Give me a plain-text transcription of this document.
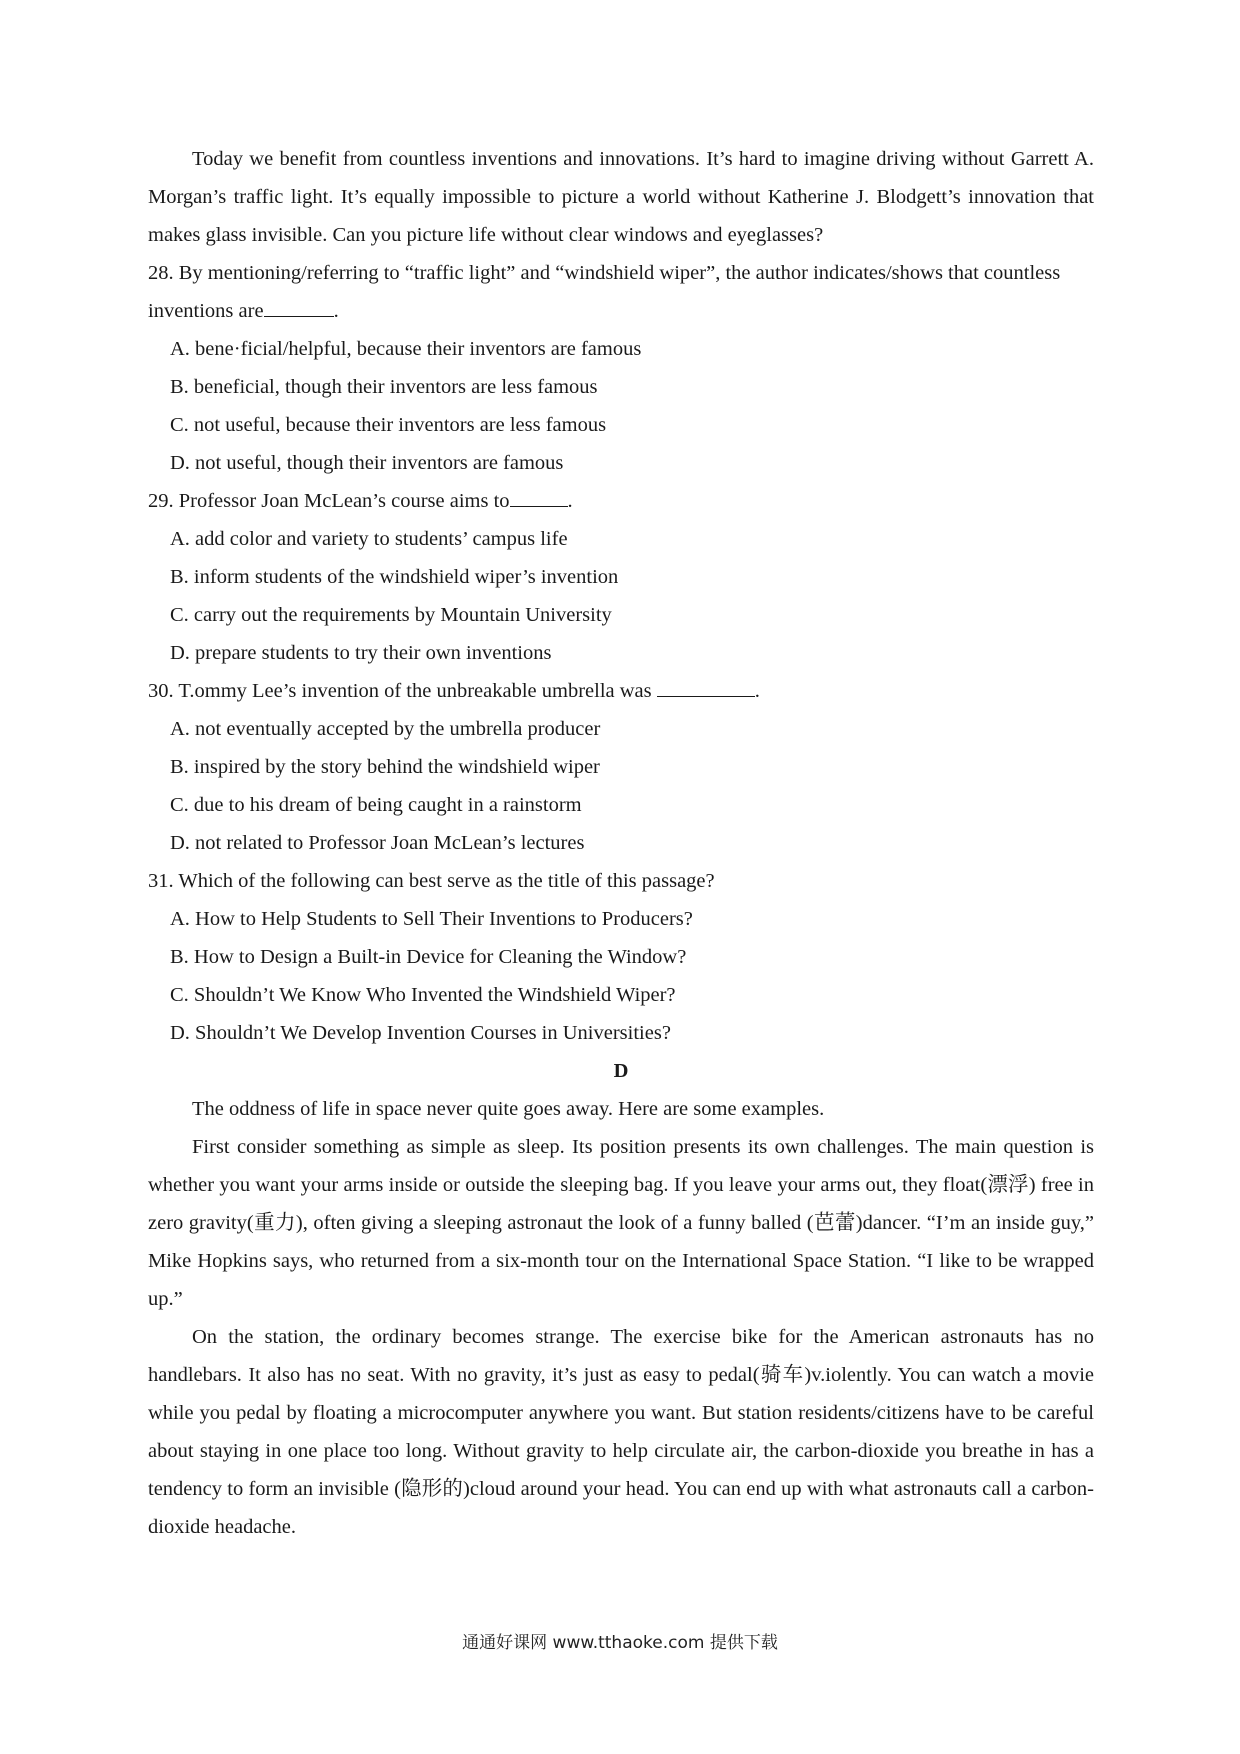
Today we benefit from countless inventions and innovations. It’s hard to imagine driving without Garrett A. Morgan’s traffic light. It’s equally impossible to picture a world without Katherine J. Blodgett’s innovation that makes glass invisible. Can you picture life without clear windows and eyeglasses?

28. By mentioning/referring to “traffic light” and “windshield wiper”, the author indicates/shows that countless inventions are	.

A. bene·ficial/helpful, because their inventors are famous

B. beneficial, though their inventors are less famous

C. not useful, because their inventors are less famous

D. not useful, though their inventors are famous

29. Professor Joan McLean’s course aims to	.

A. add color and variety to students’ campus life

B. inform students of the windshield wiper’s invention

C. carry out the requirements by Mountain University

D. prepare students to try their own inventions

30. T.ommy Lee’s invention of the unbreakable umbrella was	.

A. not eventually accepted by the umbrella producer

B. inspired by the story behind the windshield wiper

C. due to his dream of being caught in a rainstorm

D. not related to Professor Joan McLean’s lectures

31. Which of the following can best serve as the title of this passage?

A. How to Help Students to Sell Their Inventions to Producers?

B. How to Design a Built-in Device for Cleaning the Window?

C. Shouldn’t We Know Who Invented the Windshield Wiper?

D. Shouldn’t We Develop Invention Courses in Universities?

D

The oddness of life in space never quite goes away. Here are some examples.

First consider something as simple as sleep. Its position presents its own challenges. The main question is whether you want your arms inside or outside the sleeping bag. If you leave your arms out, they float(漂浮) free in zero gravity(重力), often giving a sleeping astronaut the look of a funny balled (芭蕾)dancer. “I’m an inside guy,” Mike Hopkins says, who returned from a six-month tour on the International Space Station. “I like to be wrapped up.”

On the station, the ordinary becomes strange. The exercise bike for the American astronauts has no handlebars. It also has no seat. With no gravity, it’s just as easy to pedal(骑车)v.iolently. You can watch a movie while you pedal by floating a microcomputer anywhere you want. But station residents/citizens have to be careful about staying in one place too long. Without gravity to help circulate air, the carbon-dioxide you breathe in has a tendency to form an invisible (隐形的)cloud around your head. You can end up with what astronauts call a carbon-dioxide headache.

通通好课网 www.tthaoke.com 提供下载
